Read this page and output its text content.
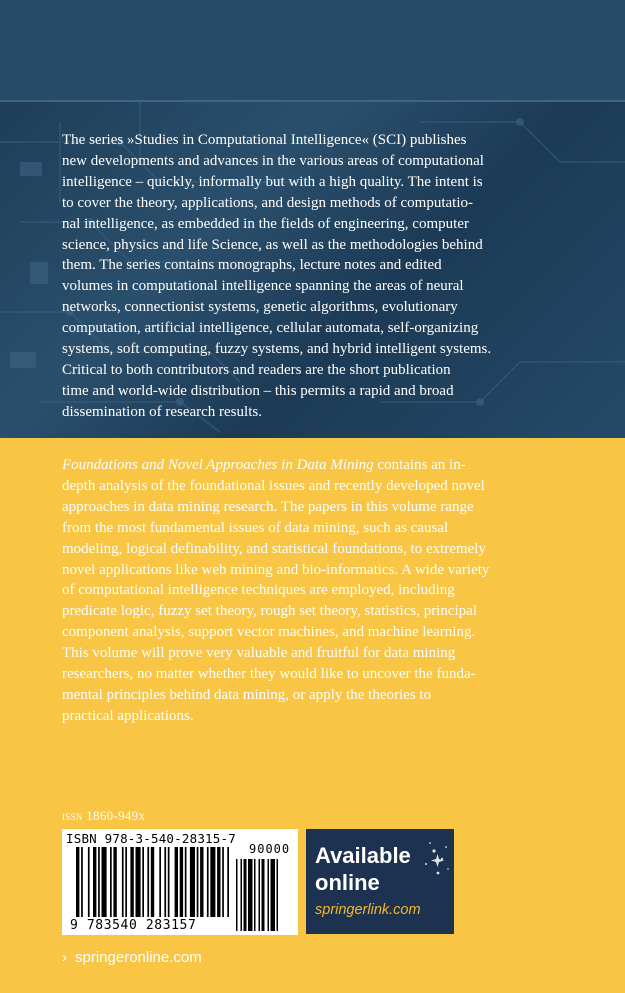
The series »Studies in Computational Intelligence« (SCI) publishes
new developments and advances in the various areas of computational
intelligence – quickly, informally but with a high quality. The intent is
to cover the theory, applications, and design methods of computatio-
nal intelligence, as embedded in the fields of engineering, computer
science, physics and life Science, as well as the methodologies behind
them. The series contains monographs, lecture notes and edited
volumes in computational intelligence spanning the areas of neural
networks, connectionist systems, genetic algorithms, evolutionary
computation, artificial intelligence, cellular automata, self-organizing
systems, soft computing, fuzzy systems, and hybrid intelligent systems.
Critical to both contributors and readers are the short publication
time and world-wide distribution – this permits a rapid and broad
dissemination of research results.

Foundations and Novel Approaches in Data Mining contains an in-
depth analysis of the foundational issues and recently developed novel
approaches in data mining research. The papers in this volume range
from the most fundamental issues of data mining, such as causal
modeling, logical definability, and statistical foundations, to extremely
novel applications like web mining and bio-informatics. A wide variety
of computational intelligence techniques are employed, including
predicate logic, fuzzy set theory, rough set theory, statistics, principal
component analysis, support vector machines, and machine learning.
This volume will prove very valuable and fruitful for data mining
researchers, no matter whether they would like to uncover the funda-
mental principles behind data mining, or apply the theories to
practical applications.

issn 1860-949x
ISBN 978-3-540-28315-7
90000
9 783540 283157
Available
online
springerlink.com
› springeronline.com
